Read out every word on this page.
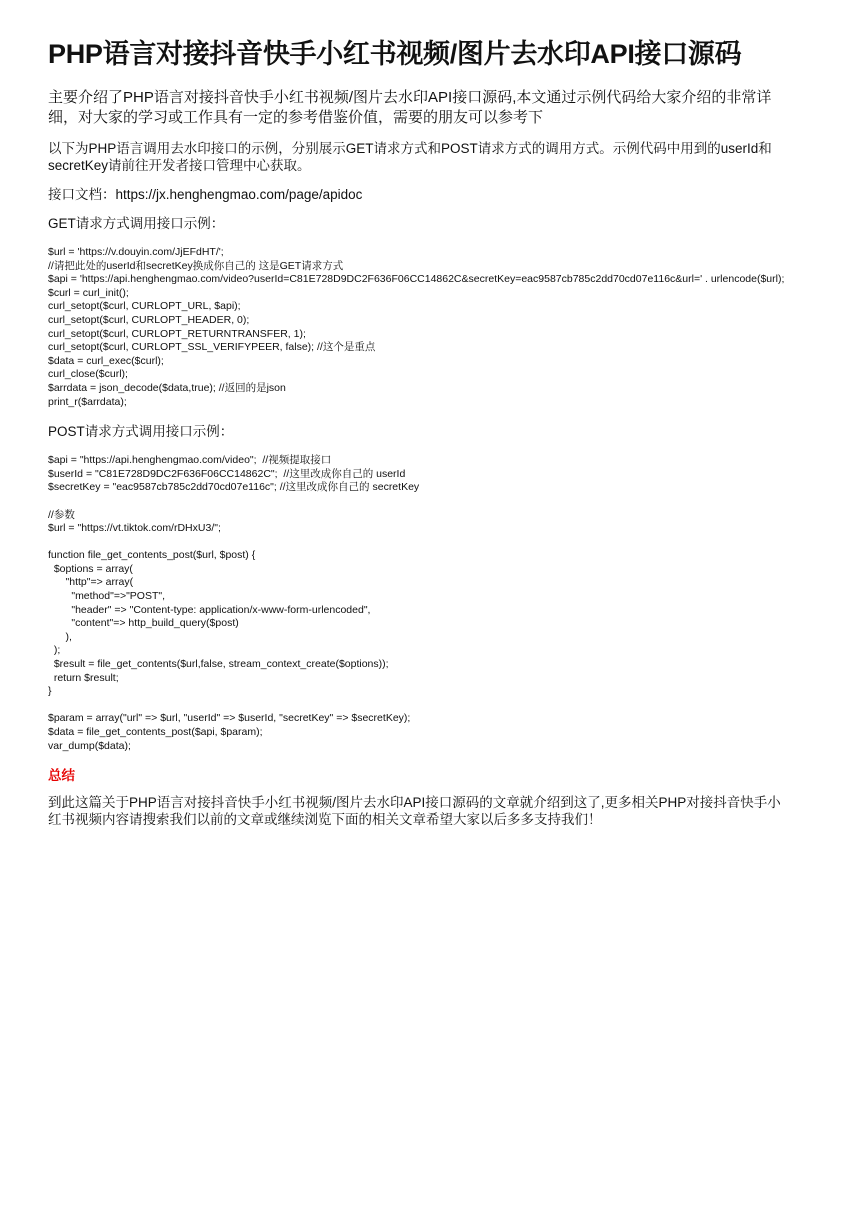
PHP语言对接抖音快手小红书视频/图片去水印API接口源码

主要介绍了PHP语言对接抖音快手小红书视频/图片去水印API接口源码,本文通过示例代码给大家介绍的非常详细，对大家的学习或工作具有一定的参考借鉴价值，需要的朋友可以参考下

以下为PHP语言调用去水印接口的示例，分别展示GET请求方式和POST请求方式的调用方式。示例代码中用到的userId和secretKey请前往开发者接口管理中心获取。

接口文档：https://jx.henghengmao.com/page/apidoc

GET请求方式调用接口示例：

$url = 'https://v.douyin.com/JjEFdHT/';
//请把此处的userId和secretKey换成你自己的 这是GET请求方式
$api = 'https://api.henghengmao.com/video?userId=C81E728D9DC2F636F06CC14862C&secretKey=eac9587cb785c2dd70cd07e116c&url=' . urlencode($url);
$curl = curl_init();
curl_setopt($curl, CURLOPT_URL, $api);
curl_setopt($curl, CURLOPT_HEADER, 0);
curl_setopt($curl, CURLOPT_RETURNTRANSFER, 1);
curl_setopt($curl, CURLOPT_SSL_VERIFYPEER, false); //这个是重点
$data = curl_exec($curl);
curl_close($curl);
$arrdata = json_decode($data,true); //返回的是json
print_r($arrdata);

POST请求方式调用接口示例：

$api = "https://api.henghengmao.com/video";  //视频提取接口
$userId = "C81E728D9DC2F636F06CC14862C";  //这里改成你自己的 userId
$secretKey = "eac9587cb785c2dd70cd07e116c"; //这里改成你自己的 secretKey

//参数
$url = "https://vt.tiktok.com/rDHxU3/";

function file_get_contents_post($url, $post) {
$options = array(
"http"=> array(
"method"=>"POST",
"header" => "Content-type: application/x-www-form-urlencoded",
"content"=> http_build_query($post)
),
);
$result = file_get_contents($url,false, stream_context_create($options));
return $result;
}

$param = array("url" => $url, "userId" => $userId, "secretKey" => $secretKey);
$data = file_get_contents_post($api, $param);
var_dump($data);
总结

到此这篇关于PHP语言对接抖音快手小红书视频/图片去水印API接口源码的文章就介绍到这了,更多相关PHP对接抖音快手小红书视频内容请搜索我们以前的文章或继续浏览下面的相关文章希望大家以后多多支持我们！
